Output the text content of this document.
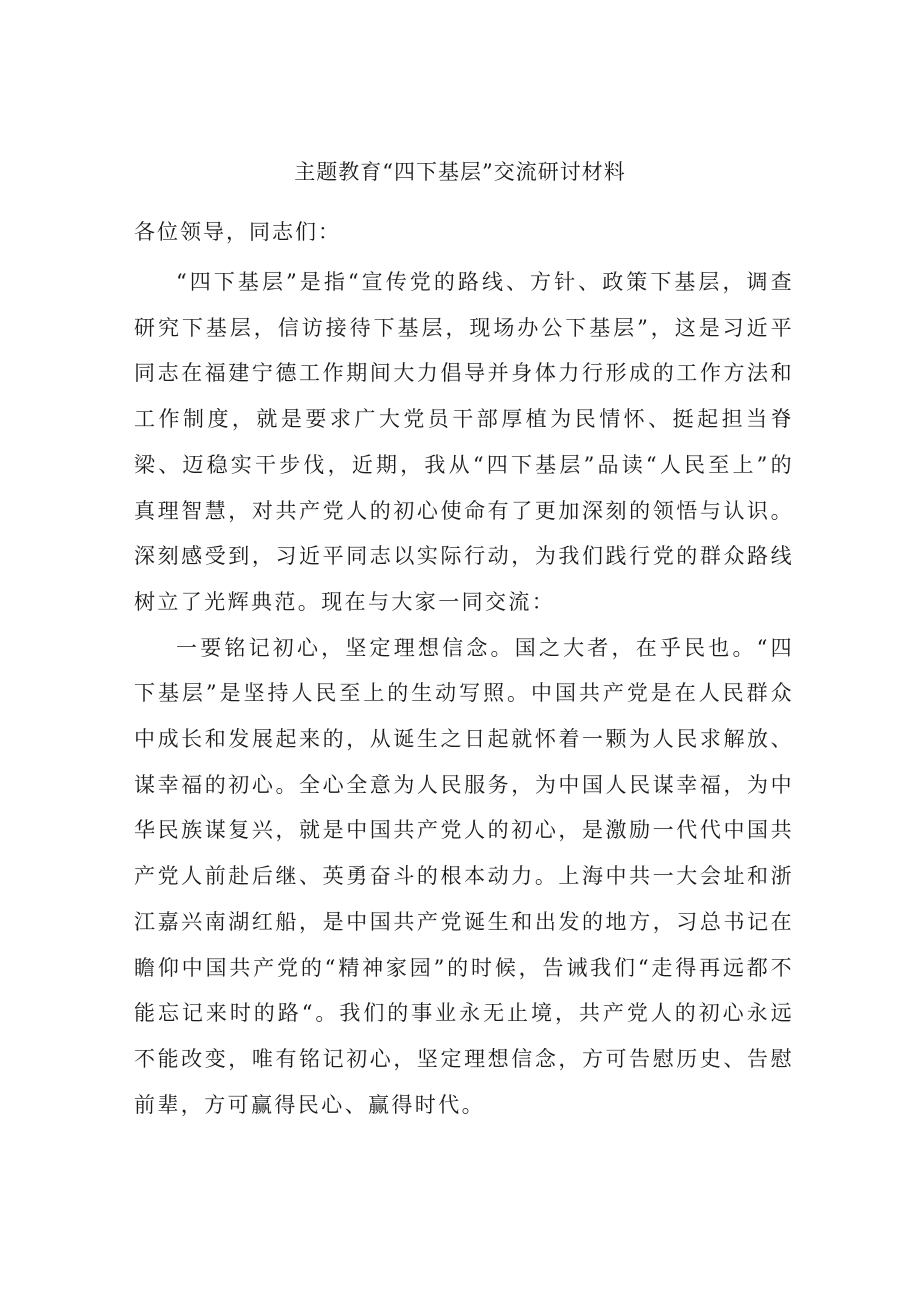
主题教育“四下基层”交流研讨材料

各位领导，同志们：

“四下基层”是指“宣传党的路线、方针、政策下基层，调查研究下基层，信访接待下基层，现场办公下基层”，这是习近平同志在福建宁德工作期间大力倡导并身体力行形成的工作方法和工作制度，就是要求广大党员干部厚植为民情怀、挺起担当脊梁、迈稳实干步伐，近期，我从“四下基层”品读“人民至上”的真理智慧，对共产党人的初心使命有了更加深刻的领悟与认识。深刻感受到，习近平同志以实际行动，为我们践行党的群众路线树立了光辉典范。现在与大家一同交流：

一要铭记初心，坚定理想信念。国之大者，在乎民也。“四下基层”是坚持人民至上的生动写照。中国共产党是在人民群众中成长和发展起来的，从诞生之日起就怀着一颗为人民求解放、谋幸福的初心。全心全意为人民服务，为中国人民谋幸福，为中华民族谋复兴，就是中国共产党人的初心，是激励一代代中国共产党人前赴后继、英勇奋斗的根本动力。上海中共一大会址和浙江嘉兴南湖红船，是中国共产党诞生和出发的地方，习总书记在瞻仰中国共产党的“精神家园”的时候，告诫我们“走得再远都不能忘记来时的路“。我们的事业永无止境，共产党人的初心永远不能改变，唯有铭记初心，坚定理想信念，方可告慰历史、告慰前辈，方可赢得民心、赢得时代。
